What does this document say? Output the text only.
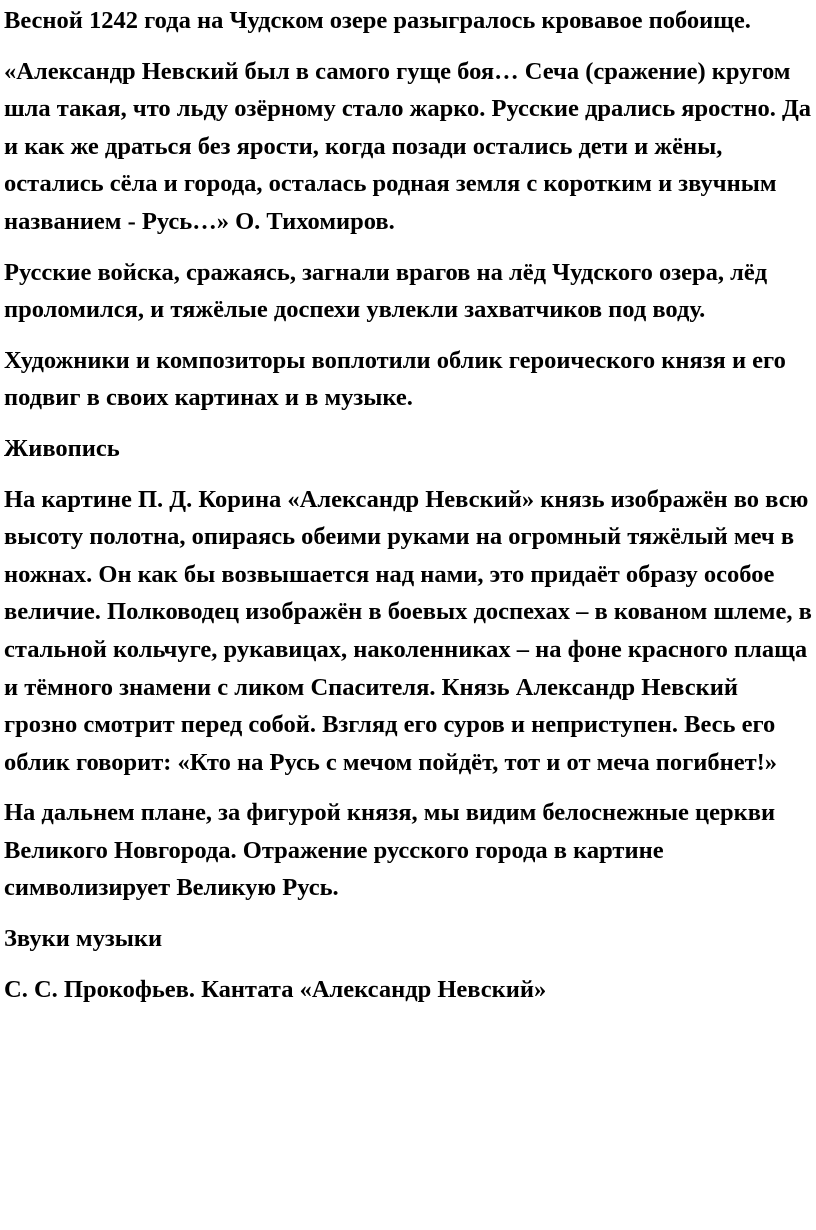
Весной 1242 года на Чудском озере разыгралось кровавое побоище.

«Александр Невский был в самого гуще боя… Сеча (сражение) кругом шла такая, что льду озёрному стало жарко. Русские дрались яростно. Да и как же драться без ярости, когда позади остались дети и жёны, остались сёла и города, осталась родная земля с коротким и звучным названием - Русь…» О. Тихомиров.

Русские войска, сражаясь, загнали врагов на лёд Чудского озера, лёд проломился, и тяжёлые доспехи увлекли захватчиков под воду.

Художники и композиторы воплотили облик героического князя и его подвиг в своих картинах и в музыке.

Живопись

На картине П. Д. Корина «Александр Невский» князь изображён во всю высоту полотна, опираясь обеими руками на огромный тяжёлый меч в ножнах. Он как бы возвышается над нами, это придаёт образу особое величие. Полководец изображён в боевых доспехах – в кованом шлеме, в стальной кольчуге, рукавицах, наколенниках – на фоне красного плаща и тёмного знамени с ликом Спасителя. Князь Александр Невский грозно смотрит перед собой. Взгляд его суров и неприступен. Весь его облик говорит: «Кто на Русь с мечом пойдёт, тот и от меча погибнет!»

На дальнем плане, за фигурой князя, мы видим белоснежные церкви Великого Новгорода. Отражение русского города в картине символизирует Великую Русь.

Звуки музыки

С. С. Прокофьев. Кантата «Александр Невский»
